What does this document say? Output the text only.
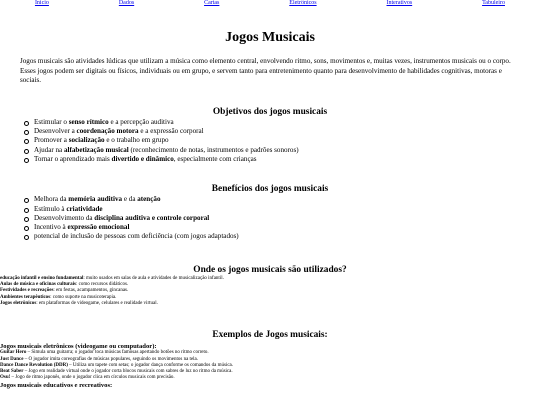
Inicio	Dados	Cartas	Eletrônicos	Interativos	Tabuleiro
Jogos Musicais

Jogos musicais são atividades lúdicas que utilizam a música como elemento central, envolvendo ritmo, sons, movimentos e, muitas vezes, instrumentos musicais ou o corpo. Esses jogos podem ser digitais ou físicos, individuais ou em grupo, e servem tanto para entretenimento quanto para desenvolvimento de habilidades cognitivas, motoras e sociais.

Objetivos dos jogos musicais
Estimular o senso rítmico e a percepção auditiva
Desenvolver a coordenação motora e a expressão corporal
Promover a socialização e o trabalho em grupo
Ajudar na alfabetização musical (reconhecimento de notas, instrumentos e padrões sonoros)
Tornar o aprendizado mais divertido e dinâmico, especialmente com crianças
Benefícios dos jogos musicais
Melhora da memória auditiva e da atenção
Estímulo à criatividade
Desenvolvimento da disciplina auditiva e controle corporal
Incentivo à expressão emocional
potencial de inclusão de pessoas com deficiência (com jogos adaptados)
Onde os jogos musicais são utilizados?
educação infantil e ensino fundamental: muito usados em salas de aula e atividades de musicalização infantil.
Aulas de música e oficinas culturais: como recursos didáticos.
Festividades e recreações: em festas, acampamentos, gincanas.
Ambientes terapêuticos: como suporte na musicoterapia.
Jogos eletrônicos: em plataformas de videogame, celulares e realidade virtual.
Exemplos de Jogos musicais:
Jogos musicais eletrônicos (videogame ou computador):
Guitar Hero – Simula uma guitarra; o jogador toca músicas famosas apertando botões no ritmo correto.
Just Dance – O jogador imita coreografias de músicas populares, seguindo os movimentos na tela.
Dance Dance Revolution (DDR) – Utiliza um tapete com setas; o jogador dança conforme os comandos da música.
Beat Saber – Jogo em realidade virtual onde o jogador corta blocos musicais com sabres de luz no ritmo da música.
Osu! – Jogo de ritmo japonês, onde o jogador clica em círculos musicais com precisão.
Jogos musicais educativos e recreativos:
